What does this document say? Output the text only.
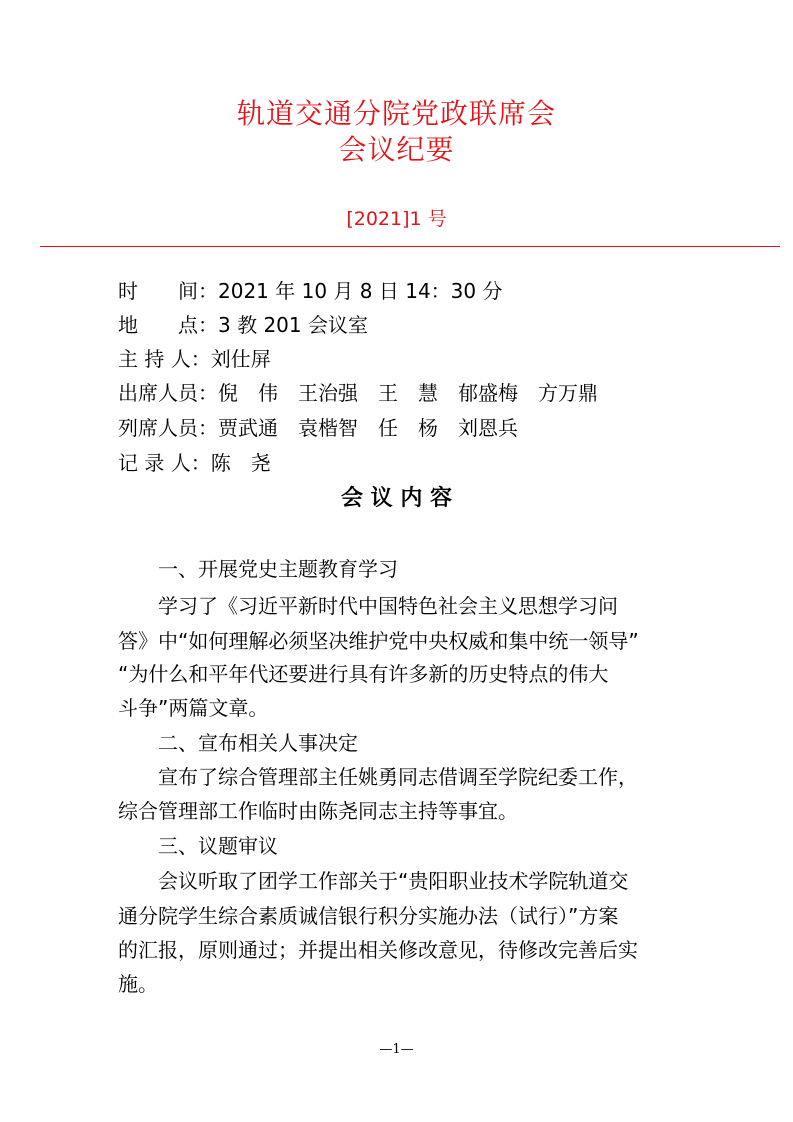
轨道交通分院党政联席会
会议纪要
[2021]1 号
时　　间：2021 年 10 月 8 日 14：30 分
地　　点：3 教 201 会议室
主 持 人：刘仕屏
出席人员：倪　伟　王治强　王　慧　郁盛梅　方万鼎
列席人员：贾武通　袁楷智　任　杨　刘恩兵
记 录 人：陈　尧
会 议 内 容
一、开展党史主题教育学习
学习了《习近平新时代中国特色社会主义思想学习问
答》中“如何理解必须坚决维护党中央权威和集中统一领导”
“为什么和平年代还要进行具有许多新的历史特点的伟大
斗争”两篇文章。
二、宣布相关人事决定
宣布了综合管理部主任姚勇同志借调至学院纪委工作，
综合管理部工作临时由陈尧同志主持等事宜。
三、议题审议
会议听取了团学工作部关于“贵阳职业技术学院轨道交
通分院学生综合素质诚信银行积分实施办法（试行）”方案
的汇报，原则通过；并提出相关修改意见，待修改完善后实
施。
—1—
